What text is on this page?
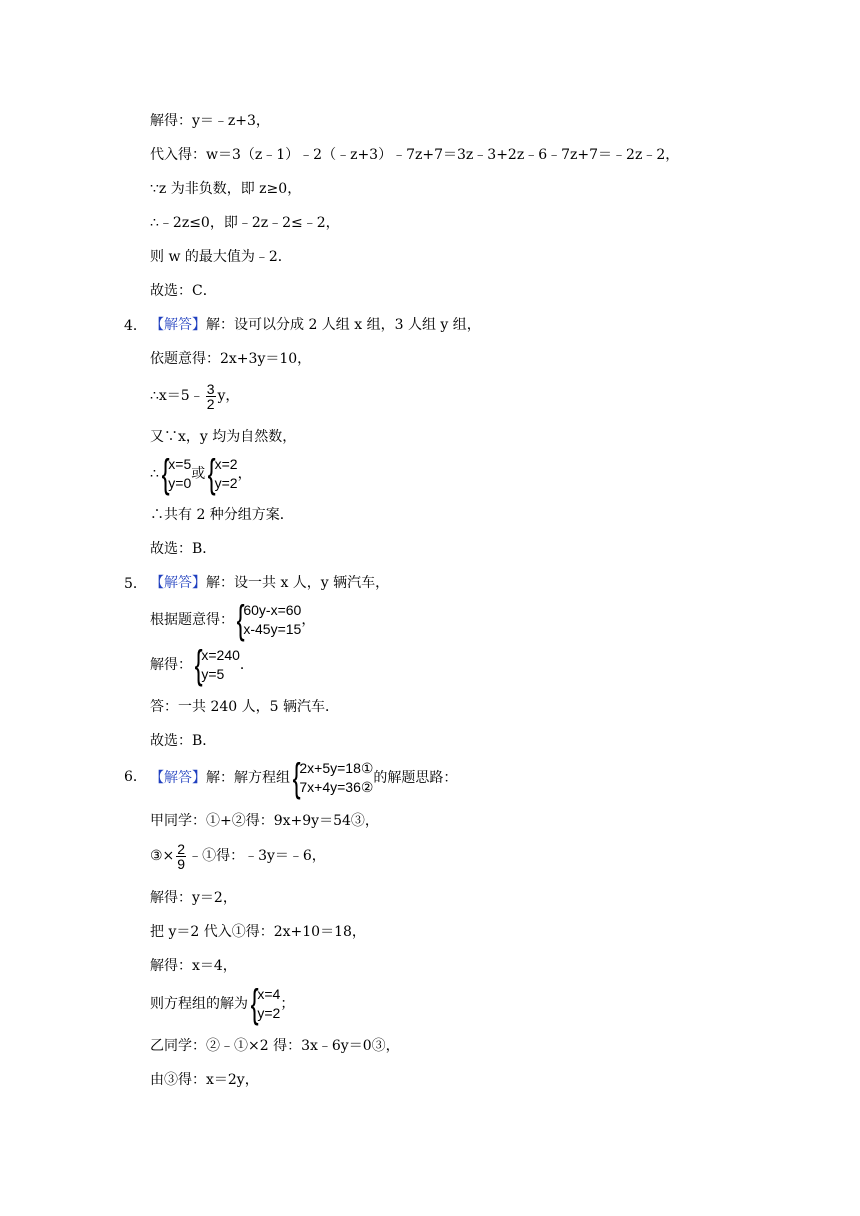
解得：y＝﹣z+3，
代入得：w＝3（z﹣1）﹣2（﹣z+3）﹣7z+7＝3z﹣3+2z﹣6﹣7z+7＝﹣2z﹣2，
∵z 为非负数，即 z≥0，
∴﹣2z≤0，即﹣2z﹣2≤﹣2，
则 w 的最大值为﹣2．
故选：C．
4． 【解答】解：设可以分成 2 人组 x 组，3 人组 y 组，
依题意得：2x+3y＝10，
∴x＝5﹣ $\frac{3}{2}$ y，
又∵x，y 均为自然数，
∴ {
x=5
y=0
或 {
x=2
y=2
，
∴共有 2 种分组方案．
故选：B．
5． 【解答】解：设一共 x 人，y 辆汽车，
根据题意得： {
60y-x=60
x-45y=15
，
解得： {
x=240
y=5
．
答：一共 240 人，5 辆汽车．
故选：B．
6． 【解答】解：解方程组 {
2x+5y=18①
7x+4y=36②
的解题思路：
甲同学：①+②得：9x+9y＝54③，
③× $\frac{2}{9}$ ﹣①得：﹣3y＝﹣6，
解得：y＝2，
把 y＝2 代入①得：2x+10＝18，
解得：x＝4，
则方程组的解为 {
x=4
y=2
；
乙同学：②﹣①×2 得：3x﹣6y＝0③，
由③得：x＝2y，
